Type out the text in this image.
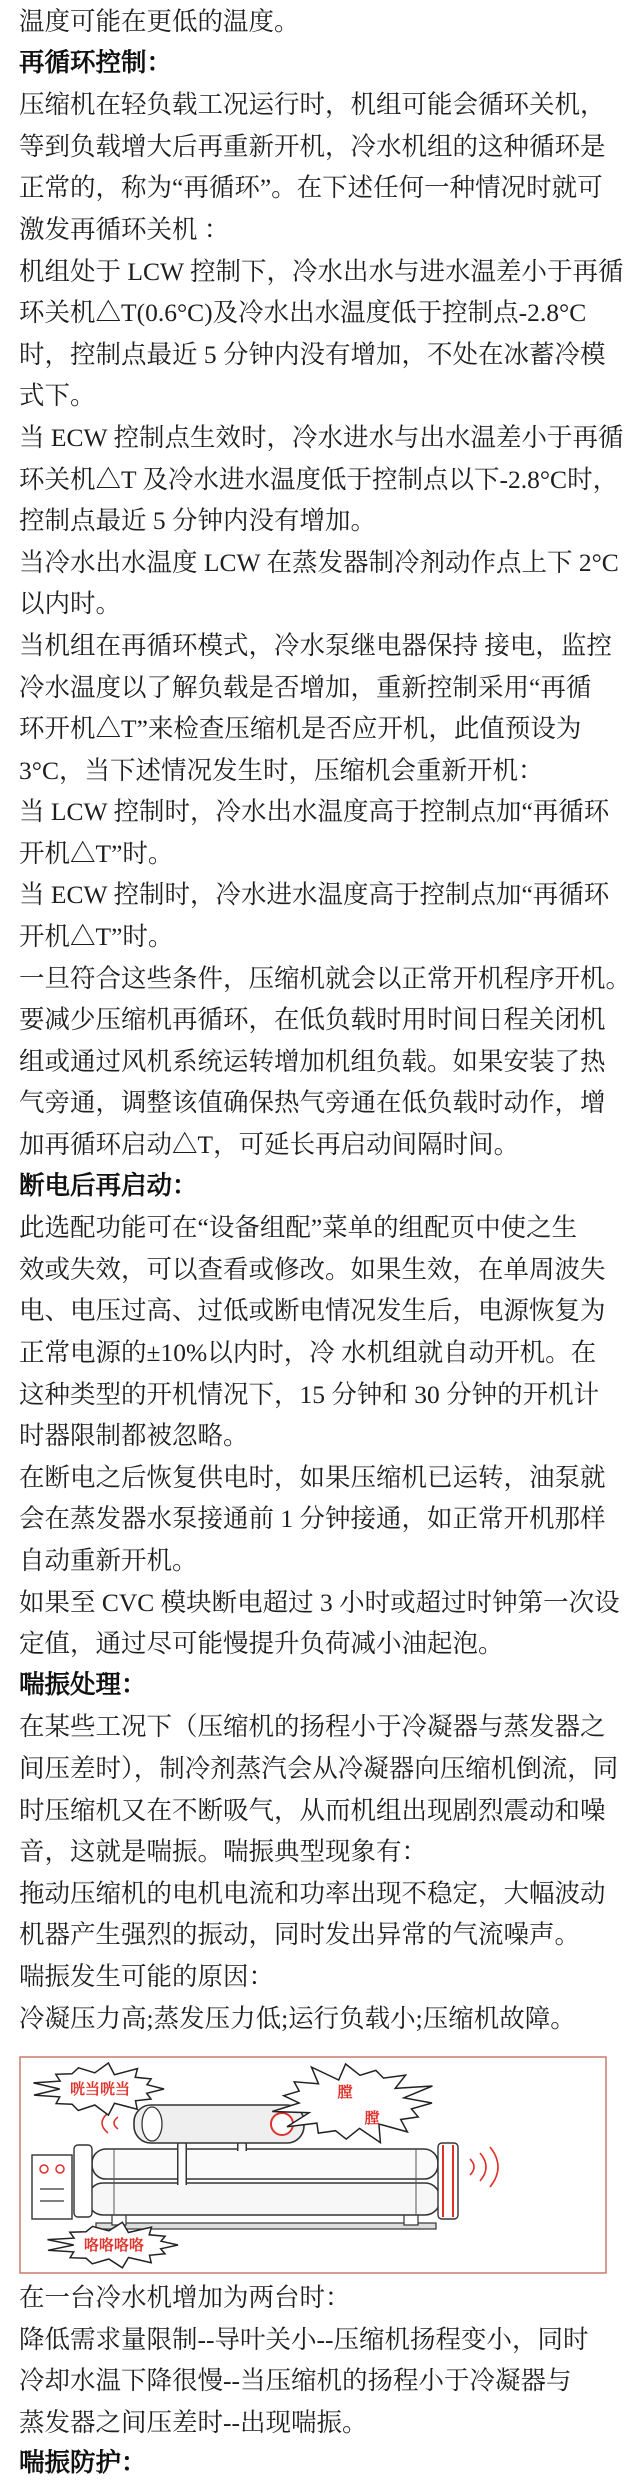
温度可能在更低的温度。
再循环控制：
压缩机在轻负载工况运行时，机组可能会循环关机，
等到负载增大后再重新开机，冷水机组的这种循环是
正常的，称为“再循环”。在下述任何一种情况时就可
激发再循环关机 ：
机组处于 LCW 控制下，冷水出水与进水温差小于再循
环关机△T(0.6°C)及冷水出水温度低于控制点-2.8°C
时，控制点最近 5 分钟内没有增加，不处在冰蓄冷模
式下。
当 ECW 控制点生效时，冷水进水与出水温差小于再循
环关机△T 及冷水进水温度低于控制点以下-2.8°C时，
控制点最近 5 分钟内没有增加。
当冷水出水温度 LCW 在蒸发器制冷剂动作点上下 2°C
以内时。
当机组在再循环模式，冷水泵继电器保持 接电，监控
冷水温度以了解负载是否增加，重新控制采用“再循
环开机△T”来检查压缩机是否应开机，此值预设为
3°C，当下述情况发生时，压缩机会重新开机：
当 LCW 控制时，冷水出水温度高于控制点加“再循环
开机△T”时。
当 ECW 控制时，冷水进水温度高于控制点加“再循环
开机△T”时。
一旦符合这些条件，压缩机就会以正常开机程序开机。
要减少压缩机再循环，在低负载时用时间日程关闭机
组或通过风机系统运转增加机组负载。如果安装了热
气旁通，调整该值确保热气旁通在低负载时动作，增
加再循环启动△T，可延长再启动间隔时间。
断电后再启动：
此选配功能可在“设备组配”菜单的组配页中使之生
效或失效，可以查看或修改。如果生效，在单周波失
电、电压过高、过低或断电情况发生后，电源恢复为
正常电源的±10%以内时，冷 水机组就自动开机。在
这种类型的开机情况下，15 分钟和 30 分钟的开机计
时器限制都被忽略。
在断电之后恢复供电时，如果压缩机已运转，油泵就
会在蒸发器水泵接通前 1 分钟接通，如正常开机那样
自动重新开机。
如果至 CVC 模块断电超过 3 小时或超过时钟第一次设
定值，通过尽可能慢提升负荷减小油起泡。
喘振处理：
在某些工况下（压缩机的扬程小于冷凝器与蒸发器之
间压差时），制冷剂蒸汽会从冷凝器向压缩机倒流，同
时压缩机又在不断吸气，从而机组出现剧烈震动和噪
音，这就是喘振。喘振典型现象有：
拖动压缩机的电机电流和功率出现不稳定，大幅波动
机器产生强烈的振动，同时发出异常的气流噪声。
喘振发生可能的原因：
冷凝压力高;蒸发压力低;运行负载小;压缩机故障。
咣当咣当	膛
膛
咯咯咯咯
在一台冷水机增加为两台时：
降低需求量限制--导叶关小--压缩机扬程变小，同时
冷却水温下降很慢--当压缩机的扬程小于冷凝器与
蒸发器之间压差时--出现喘振。
喘振防护：
